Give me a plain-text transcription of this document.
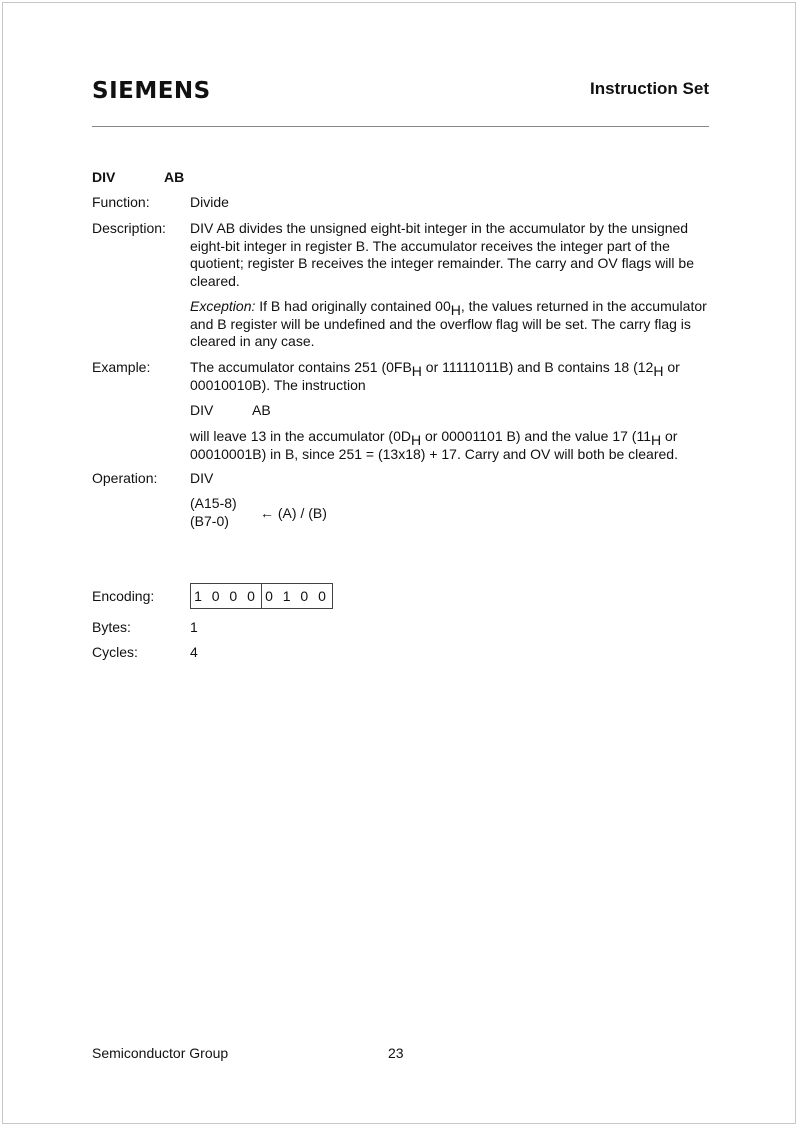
SIEMENS	Instruction Set
DIV	AB
Function:	Divide
Description: DIV AB divides the unsigned eight-bit integer in the accumulator by the unsigned eight-bit integer in register B. The accumulator receives the integer part of the quotient; register B receives the integer remainder. The carry and OV flags will be cleared.
Exception: If B had originally contained $00_H$, the values returned in the accumulator and B register will be undefined and the overflow flag will be set. The carry flag is cleared in any case.
Example:	The accumulator contains 251 ($0FB_H$ or 11111011B) and B contains 18 ($12_H$ or 00010010B). The instruction
DIV	AB
will leave 13 in the accumulator ($0D_H$ or 00001101 B) and the value 17 ($11_H$ or 00010001B) in B, since 251 = (13x18) + 17. Carry and OV will both be cleared.
Operation: DIV
(A15-8)
(B7-0)	← (A) / (B)
Encoding:	1 0 0 0 0 1 0 0
Bytes:	1
Cycles:	4
Semiconductor Group	23
